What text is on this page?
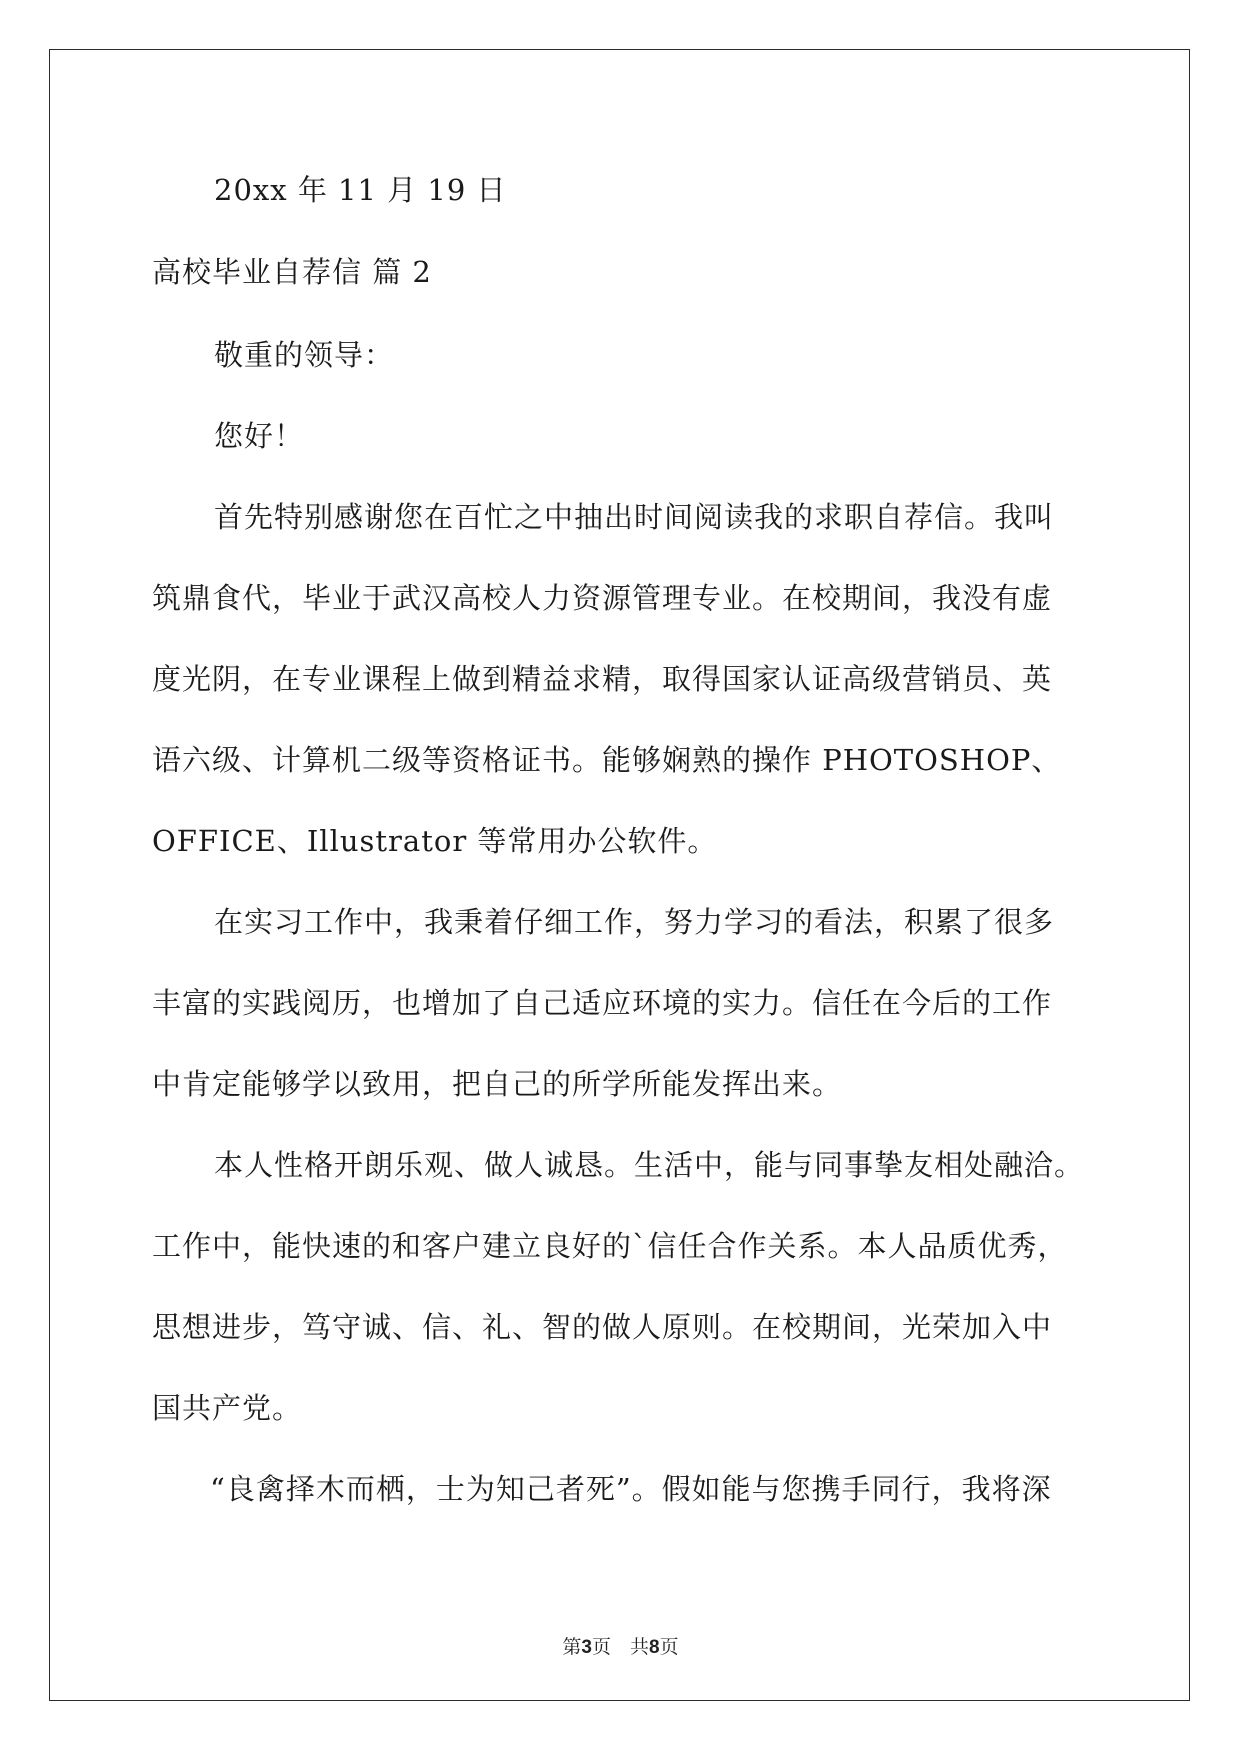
20xx 年 11 月 19 日
高校毕业自荐信 篇 2
敬重的领导：
您好！
首先特别感谢您在百忙之中抽出时间阅读我的求职自荐信。我叫
筑鼎食代，毕业于武汉高校人力资源管理专业。在校期间，我没有虚
度光阴，在专业课程上做到精益求精，取得国家认证高级营销员、英
语六级、计算机二级等资格证书。能够娴熟的操作 PHOTOSHOP、
OFFICE、Illustrator 等常用办公软件。
在实习工作中，我秉着仔细工作，努力学习的看法，积累了很多
丰富的实践阅历，也增加了自己适应环境的实力。信任在今后的工作
中肯定能够学以致用，把自己的所学所能发挥出来。
本人性格开朗乐观、做人诚恳。生活中，能与同事挚友相处融洽。
工作中，能快速的和客户建立良好的`信任合作关系。本人品质优秀，
思想进步，笃守诚、信、礼、智的做人原则。在校期间，光荣加入中
国共产党。
“良禽择木而栖，士为知己者死”。假如能与您携手同行，我将深
第3页　共8页
